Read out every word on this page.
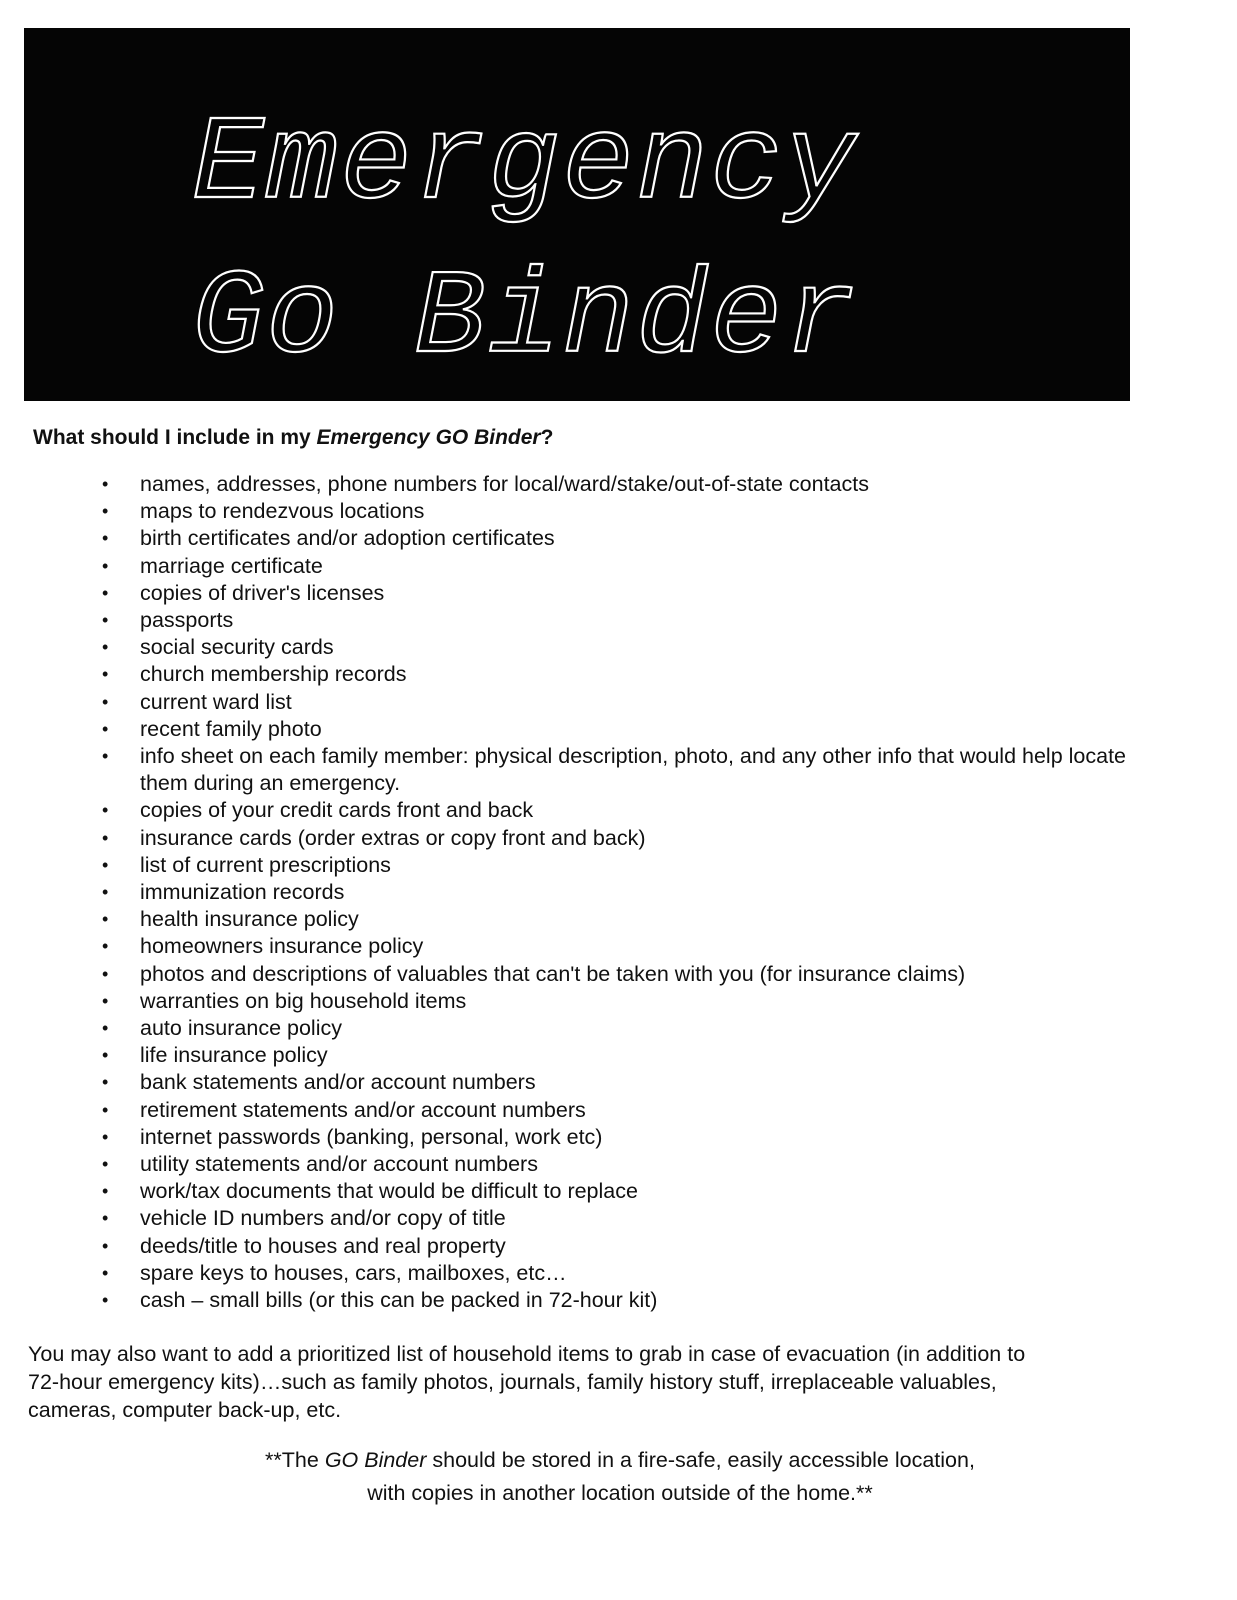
Emergency
Go Binder

What should I include in my Emergency GO Binder?

• names, addresses, phone numbers for local/ward/stake/out-of-state contacts
• maps to rendezvous locations
• birth certificates and/or adoption certificates
• marriage certificate
• copies of driver's licenses
• passports
• social security cards
• church membership records
• current ward list
• recent family photo
• info sheet on each family member: physical description, photo, and any other info that would help locate them during an emergency.
• copies of your credit cards front and back
• insurance cards (order extras or copy front and back)
• list of current prescriptions
• immunization records
• health insurance policy
• homeowners insurance policy
• photos and descriptions of valuables that can't be taken with you (for insurance claims)
• warranties on big household items
• auto insurance policy
• life insurance policy
• bank statements and/or account numbers
• retirement statements and/or account numbers
• internet passwords (banking, personal, work etc)
• utility statements and/or account numbers
• work/tax documents that would be difficult to replace
• vehicle ID numbers and/or copy of title
• deeds/title to houses and real property
• spare keys to houses, cars, mailboxes, etc…
• cash – small bills (or this can be packed in 72-hour kit)

You may also want to add a prioritized list of household items to grab in case of evacuation (in addition to 72-hour emergency kits)…such as family photos, journals, family history stuff, irreplaceable valuables, cameras, computer back-up, etc.

**The GO Binder should be stored in a fire-safe, easily accessible location,
with copies in another location outside of the home.**
